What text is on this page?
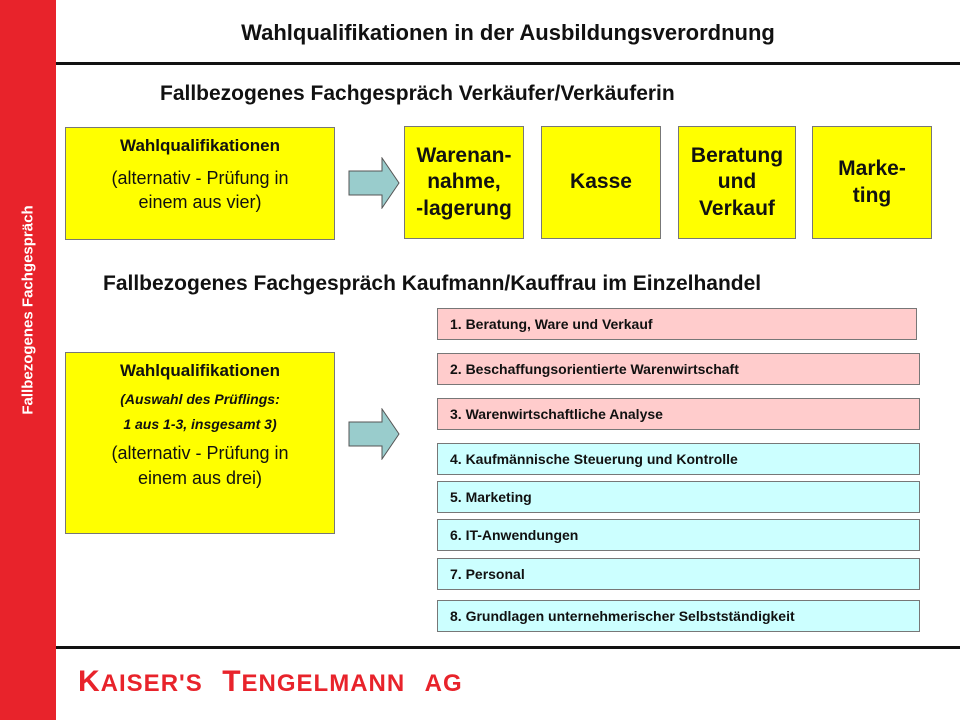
Fallbezogenes Fachgespräch
Wahlqualifikationen in der Ausbildungsverordnung
Fallbezogenes Fachgespräch Verkäufer/Verkäuferin
Wahlqualifikationen
(alternativ - Prüfung in
einem aus vier)
Warenan-
nahme,
-lagerung
Kasse
Beratung
und
Verkauf
Marke-
ting
Fallbezogenes Fachgespräch Kaufmann/Kauffrau im Einzelhandel
Wahlqualifikationen
(Auswahl des Prüflings:
1 aus 1-3, insgesamt 3)
(alternativ - Prüfung in
einem aus drei)
1. Beratung, Ware und Verkauf
2. Beschaffungsorientierte Warenwirtschaft
3. Warenwirtschaftliche Analyse
4. Kaufmännische Steuerung und Kontrolle
5. Marketing
6. IT-Anwendungen
7. Personal
8. Grundlagen unternehmerischer Selbstständigkeit
KAISER'S TENGELMANN AG
